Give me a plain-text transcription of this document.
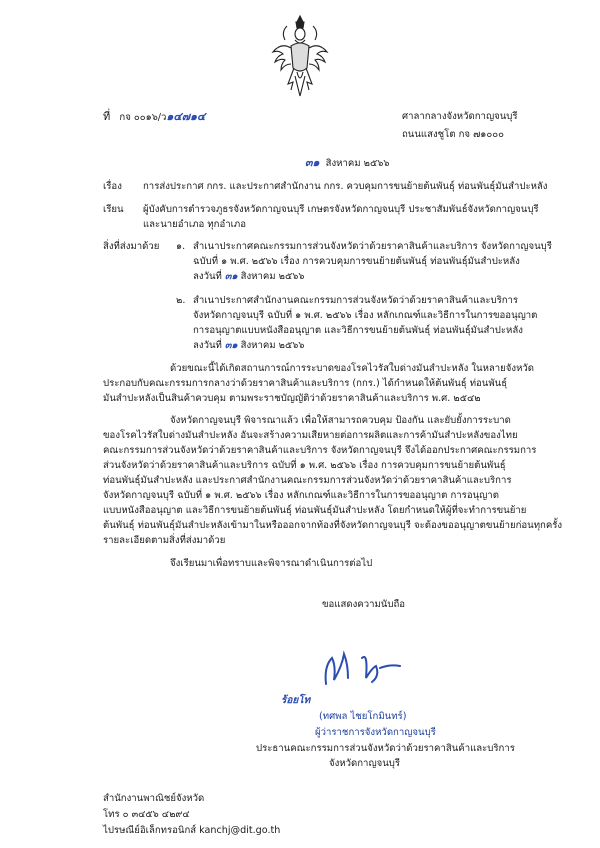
ที่ กจ ๐๐๑๖/ว๑๔๗๑๔	ศาลากลางจังหวัดกาญจนบุรี
ถนนแสงชูโต กจ ๗๑๐๐๐
๓๑ สิงหาคม ๒๕๖๖
เรื่อง การส่งประกาศ กกร. และประกาศสำนักงาน กกร. ควบคุมการขนย้ายต้นพันธุ์ ท่อนพันธุ์มันสำปะหลัง
เรียน ผู้บังคับการตำรวจภูธรจังหวัดกาญจนบุรี เกษตรจังหวัดกาญจนบุรี ประชาสัมพันธ์จังหวัดกาญจนบุรี
และนายอำเภอ ทุกอำเภอ
สิ่งที่ส่งมาด้วย ๑. สำเนาประกาศคณะกรรมการส่วนจังหวัดว่าด้วยราคาสินค้าและบริการ จังหวัดกาญจนบุรี
ฉบับที่ ๑ พ.ศ. ๒๕๖๖ เรื่อง การควบคุมการขนย้ายต้นพันธุ์ ท่อนพันธุ์มันสำปะหลัง
ลงวันที่ ๓๑ สิงหาคม ๒๕๖๖
๒. สำเนาประกาศสำนักงานคณะกรรมการส่วนจังหวัดว่าด้วยราคาสินค้าและบริการ
จังหวัดกาญจนบุรี ฉบับที่ ๑ พ.ศ. ๒๕๖๖ เรื่อง หลักเกณฑ์และวิธีการในการขออนุญาต
การอนุญาตแบบหนังสืออนุญาต และวิธีการขนย้ายต้นพันธุ์ ท่อนพันธุ์มันสำปะหลัง
ลงวันที่ ๓๑ สิงหาคม ๒๕๖๖
ด้วยขณะนี้ได้เกิดสถานการณ์การระบาดของโรคไวรัสใบด่างมันสำปะหลัง ในหลายจังหวัด
ประกอบกับคณะกรรมการกลางว่าด้วยราคาสินค้าและบริการ (กกร.) ได้กำหนดให้ต้นพันธุ์ ท่อนพันธุ์
มันสำปะหลังเป็นสินค้าควบคุม ตามพระราชบัญญัติว่าด้วยราคาสินค้าและบริการ พ.ศ. ๒๕๔๒
จังหวัดกาญจนบุรี พิจารณาแล้ว เพื่อให้สามารถควบคุม ป้องกัน และยับยั้งการระบาด
ของโรคไวรัสใบด่างมันสำปะหลัง อันจะสร้างความเสียหายต่อการผลิตและการค้ามันสำปะหลังของไทย
คณะกรรมการส่วนจังหวัดว่าด้วยราคาสินค้าและบริการ จังหวัดกาญจนบุรี จึงได้ออกประกาศคณะกรรมการ
ส่วนจังหวัดว่าด้วยราคาสินค้าและบริการ ฉบับที่ ๑ พ.ศ. ๒๕๖๖ เรื่อง การควบคุมการขนย้ายต้นพันธุ์
ท่อนพันธุ์มันสำปะหลัง และประกาศสำนักงานคณะกรรมการส่วนจังหวัดว่าด้วยราคาสินค้าและบริการ
จังหวัดกาญจนบุรี ฉบับที่ ๑ พ.ศ. ๒๕๖๖ เรื่อง หลักเกณฑ์และวิธีการในการขออนุญาต การอนุญาต
แบบหนังสืออนุญาต และวิธีการขนย้ายต้นพันธุ์ ท่อนพันธุ์มันสำปะหลัง โดยกำหนดให้ผู้ที่จะทำการขนย้าย
ต้นพันธุ์ ท่อนพันธุ์มันสำปะหลังเข้ามาในหรือออกจากท้องที่จังหวัดกาญจนบุรี จะต้องขออนุญาตขนย้ายก่อนทุกครั้ง
รายละเอียดตามสิ่งที่ส่งมาด้วย
จึงเรียนมาเพื่อทราบและพิจารณาดำเนินการต่อไป
ขอแสดงความนับถือ
ร้อยโท
(ทศพล ไชยโกมินทร์)
ผู้ว่าราชการจังหวัดกาญจนบุรี
ประธานคณะกรรมการส่วนจังหวัดว่าด้วยราคาสินค้าและบริการ
จังหวัดกาญจนบุรี
สำนักงานพาณิชย์จังหวัด
โทร ๐ ๓๔๕๖ ๔๒๙๔
ไปรษณีย์อิเล็กทรอนิกส์ kanchj@dit.go.th
